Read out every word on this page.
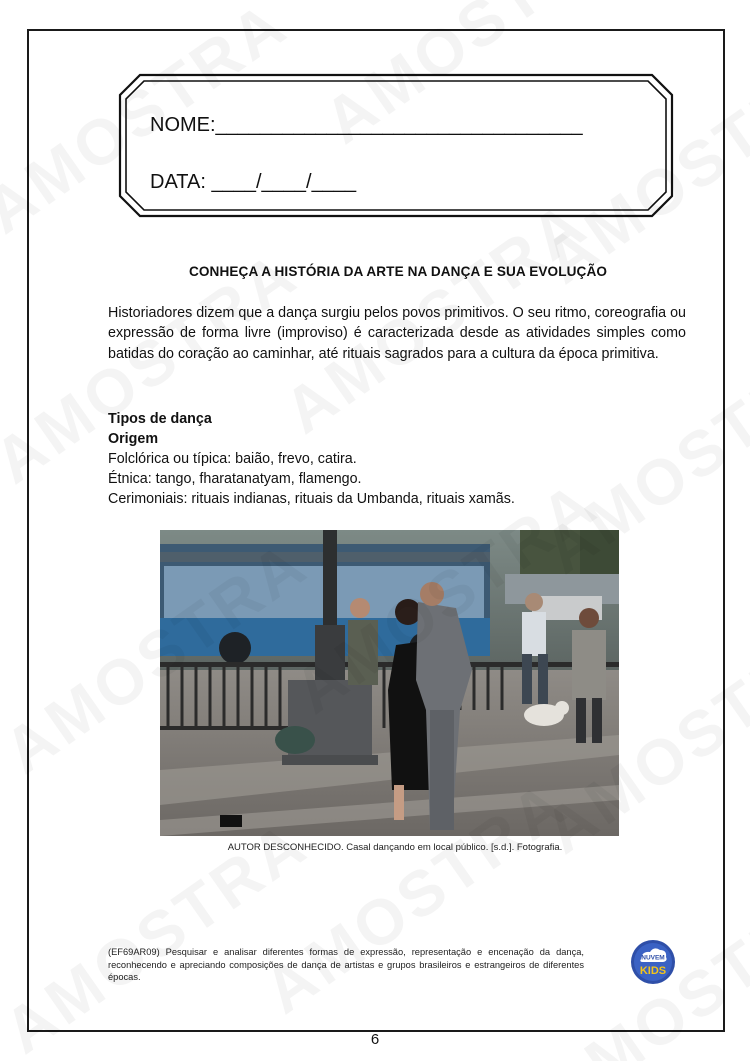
NOME:_________________________________
DATA: ____/____/____
CONHEÇA A HISTÓRIA DA ARTE NA DANÇA E SUA EVOLUÇÃO

Historiadores dizem que a dança surgiu pelos povos primitivos. O seu ritmo, coreografia ou expressão de forma livre (improviso) é caracterizada desde as atividades simples como batidas do coração ao caminhar, até rituais sagrados para a cultura da época primitiva.

Tipos de dança
Origem
Folclórica ou típica: baião, frevo, catira.
Étnica: tango, fharatanatyam, flamengo.
Cerimoniais: rituais indianas, rituais da Umbanda, rituais xamãs.
AUTOR DESCONHECIDO. Casal dançando em local público. [s.d.]. Fotografia.

(EF69AR09) Pesquisar e analisar diferentes formas de expressão, representação e encenação da dança, reconhecendo e apreciando composições de dança de artistas e grupos brasileiros e estrangeiros de diferentes épocas.

NUVEM
KIDS
6
